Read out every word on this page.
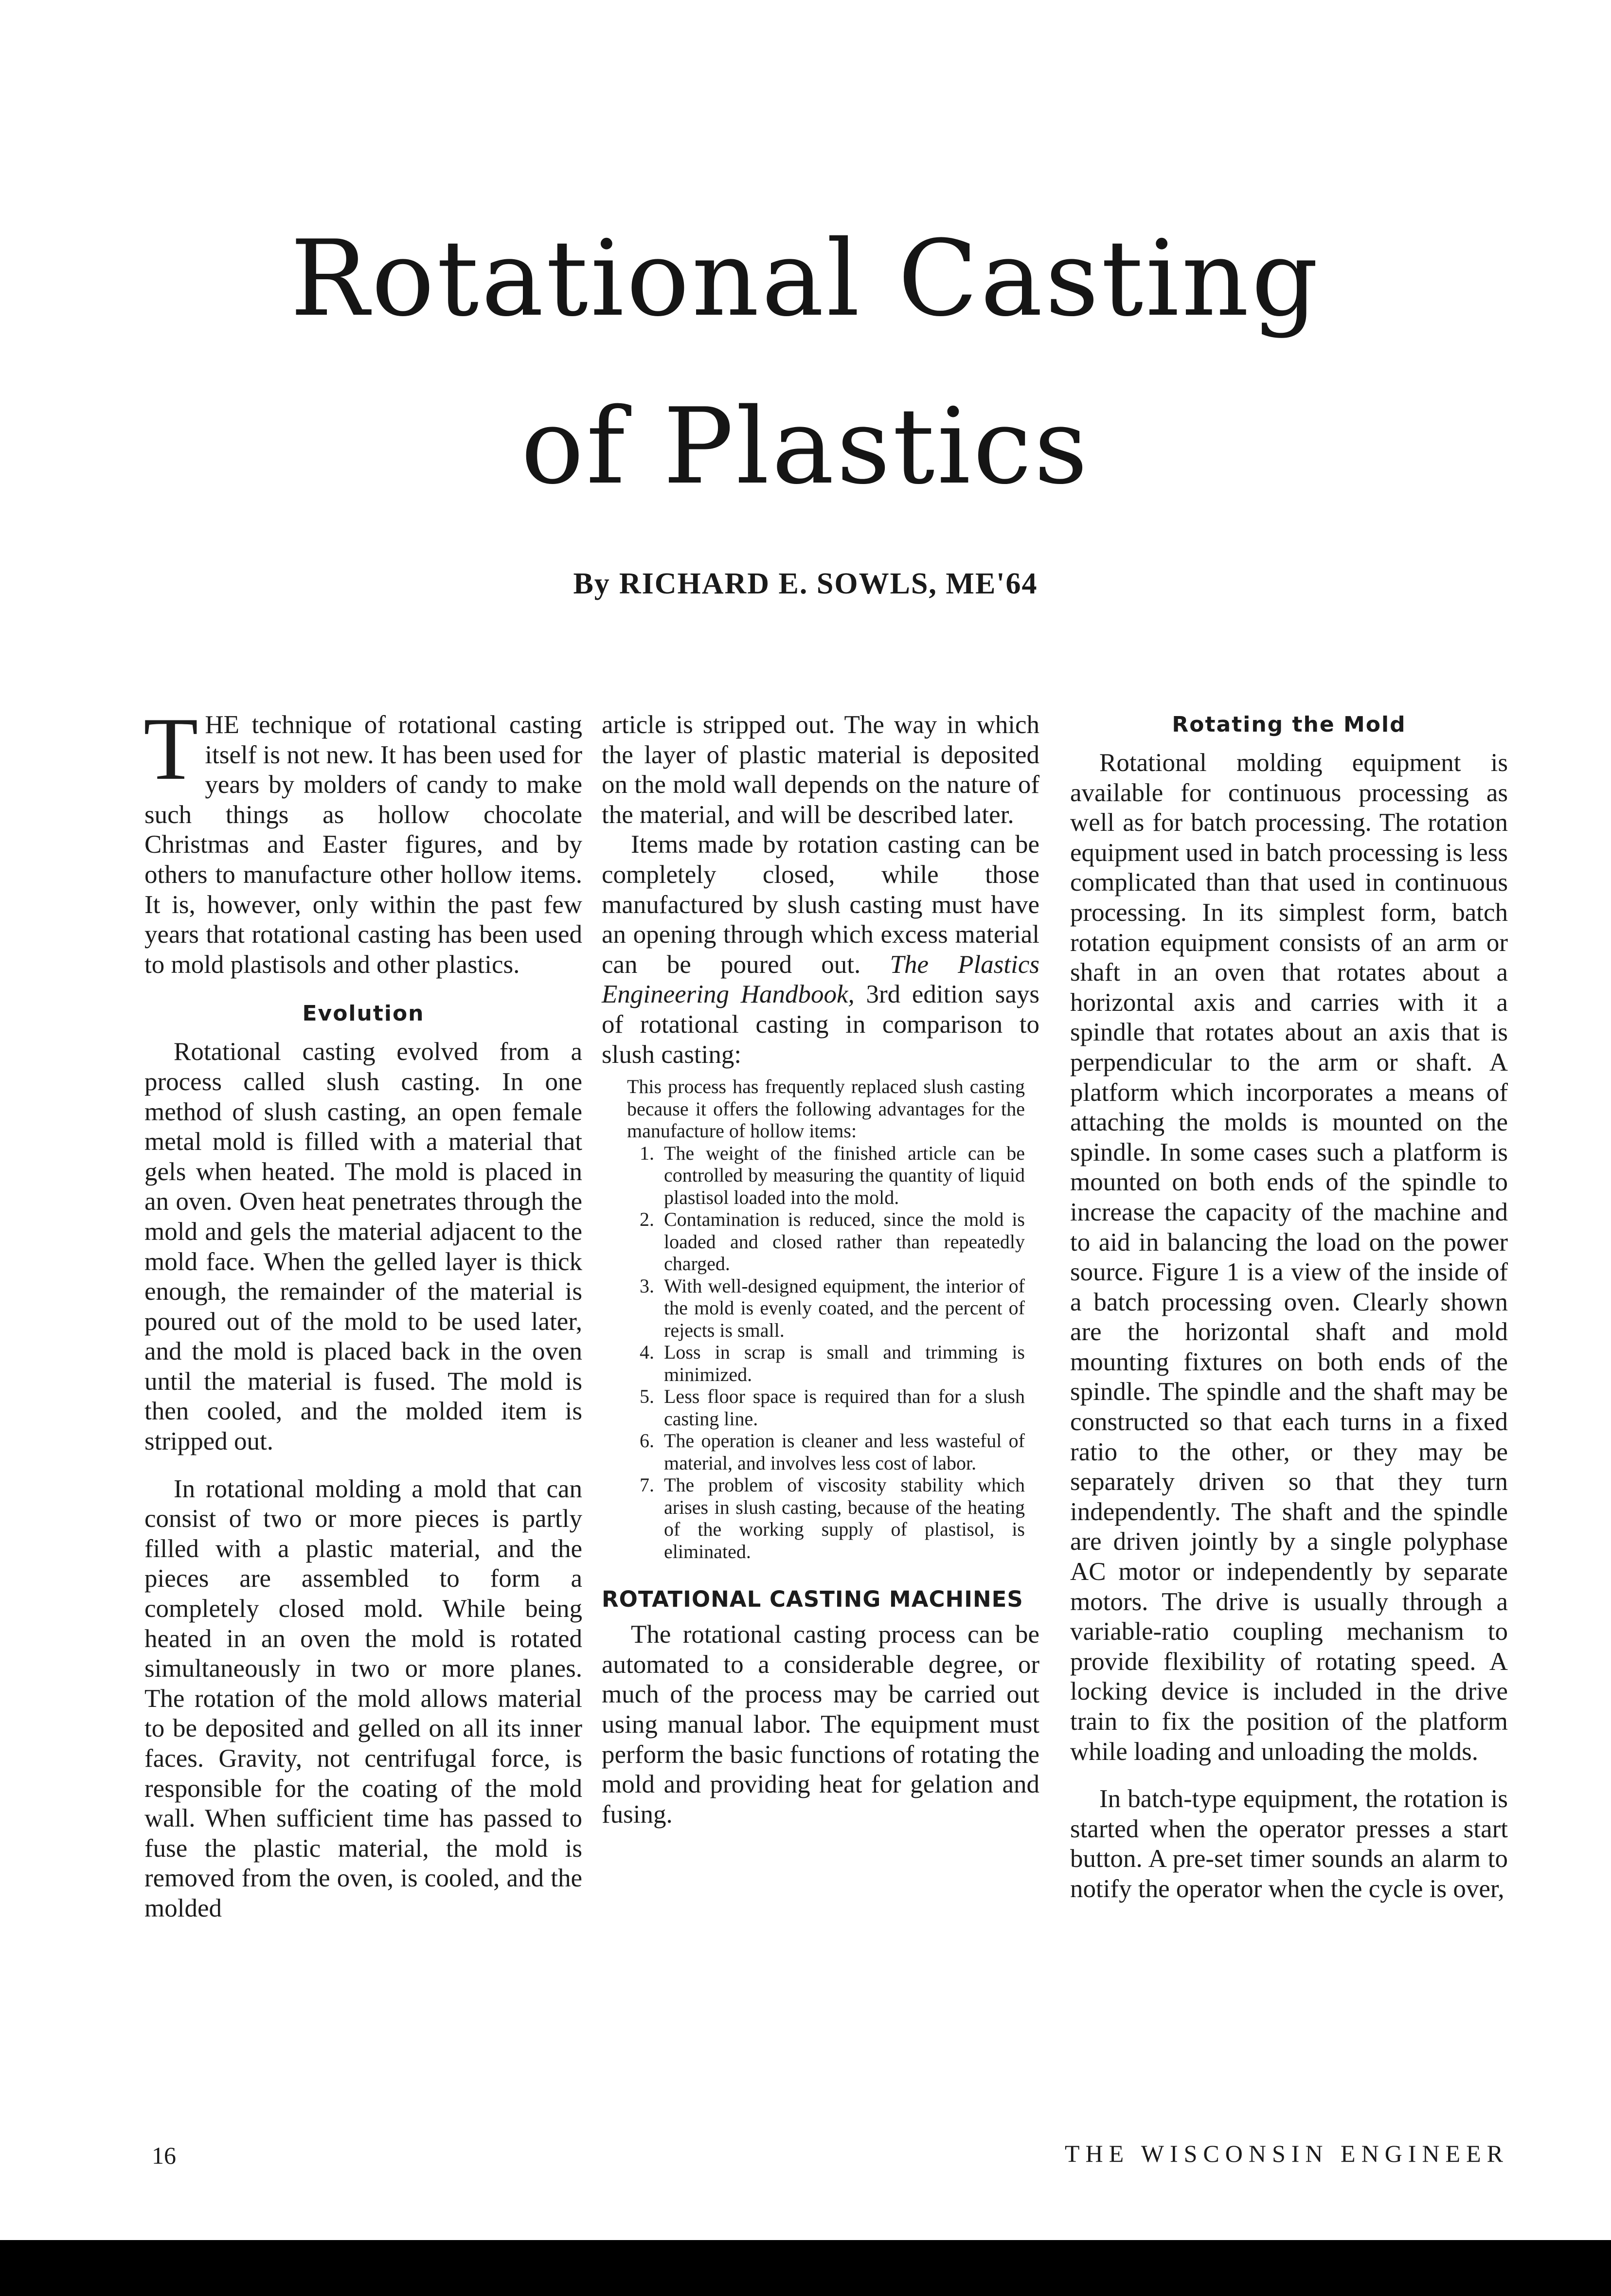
Rotational Casting
of Plastics
By RICHARD E. SOWLS, ME'64

THE technique of rotational casting itself is not new. It has been used for years by molders of candy to make such things as hollow chocolate Christmas and Easter figures, and by others to manufacture other hollow items. It is, however, only within the past few years that rotational casting has been used to mold plastisols and other plastics.

Evolution

Rotational casting evolved from a process called slush casting. In one method of slush casting, an open female metal mold is filled with a material that gels when heated. The mold is placed in an oven. Oven heat penetrates through the mold and gels the material adjacent to the mold face. When the gelled layer is thick enough, the remainder of the material is poured out of the mold to be used later, and the mold is placed back in the oven until the material is fused. The mold is then cooled, and the molded item is stripped out.

In rotational molding a mold that can consist of two or more pieces is partly filled with a plastic material, and the pieces are assembled to form a completely closed mold. While being heated in an oven the mold is rotated simultaneously in two or more planes. The rotation of the mold allows material to be deposited and gelled on all its inner faces. Gravity, not centrifugal force, is responsible for the coating of the mold wall. When sufficient time has passed to fuse the plastic material, the mold is removed from the oven, is cooled, and the molded

article is stripped out. The way in which the layer of plastic material is deposited on the mold wall depends on the nature of the material, and will be described later.

Items made by rotation casting can be completely closed, while those manufactured by slush casting must have an opening through which excess material can be poured out. The Plastics Engineering Handbook, 3rd edition says of rotational casting in comparison to slush casting:

This process has frequently replaced slush casting because it offers the following advantages for the manufacture of hollow items:
1. The weight of the finished article can be controlled by measuring the quantity of liquid plastisol loaded into the mold.
2. Contamination is reduced, since the mold is loaded and closed rather than repeatedly charged.
3. With well-designed equipment, the interior of the mold is evenly coated, and the percent of rejects is small.
4. Loss in scrap is small and trimming is minimized.
5. Less floor space is required than for a slush casting line.
6. The operation is cleaner and less wasteful of material, and involves less cost of labor.
7. The problem of viscosity stability which arises in slush casting, because of the heating of the working supply of plastisol, is eliminated.
ROTATIONAL CASTING MACHINES

The rotational casting process can be automated to a considerable degree, or much of the process may be carried out using manual labor. The equipment must perform the basic functions of rotating the mold and providing heat for gelation and fusing.

Rotating the Mold

Rotational molding equipment is available for continuous processing as well as for batch processing. The rotation equipment used in batch processing is less complicated than that used in continuous processing. In its simplest form, batch rotation equipment consists of an arm or shaft in an oven that rotates about a horizontal axis and carries with it a spindle that rotates about an axis that is perpendicular to the arm or shaft. A platform which incorporates a means of attaching the molds is mounted on the spindle. In some cases such a platform is mounted on both ends of the spindle to increase the capacity of the machine and to aid in balancing the load on the power source. Figure 1 is a view of the inside of a batch processing oven. Clearly shown are the horizontal shaft and mold mounting fixtures on both ends of the spindle. The spindle and the shaft may be constructed so that each turns in a fixed ratio to the other, or they may be separately driven so that they turn independently. The shaft and the spindle are driven jointly by a single polyphase AC motor or independently by separate motors. The drive is usually through a variable-ratio coupling mechanism to provide flexibility of rotating speed. A locking device is included in the drive train to fix the position of the platform while loading and unloading the molds.

In batch-type equipment, the rotation is started when the operator presses a start button. A pre-set timer sounds an alarm to notify the operator when the cycle is over,

16	THE WISCONSIN ENGINEER
